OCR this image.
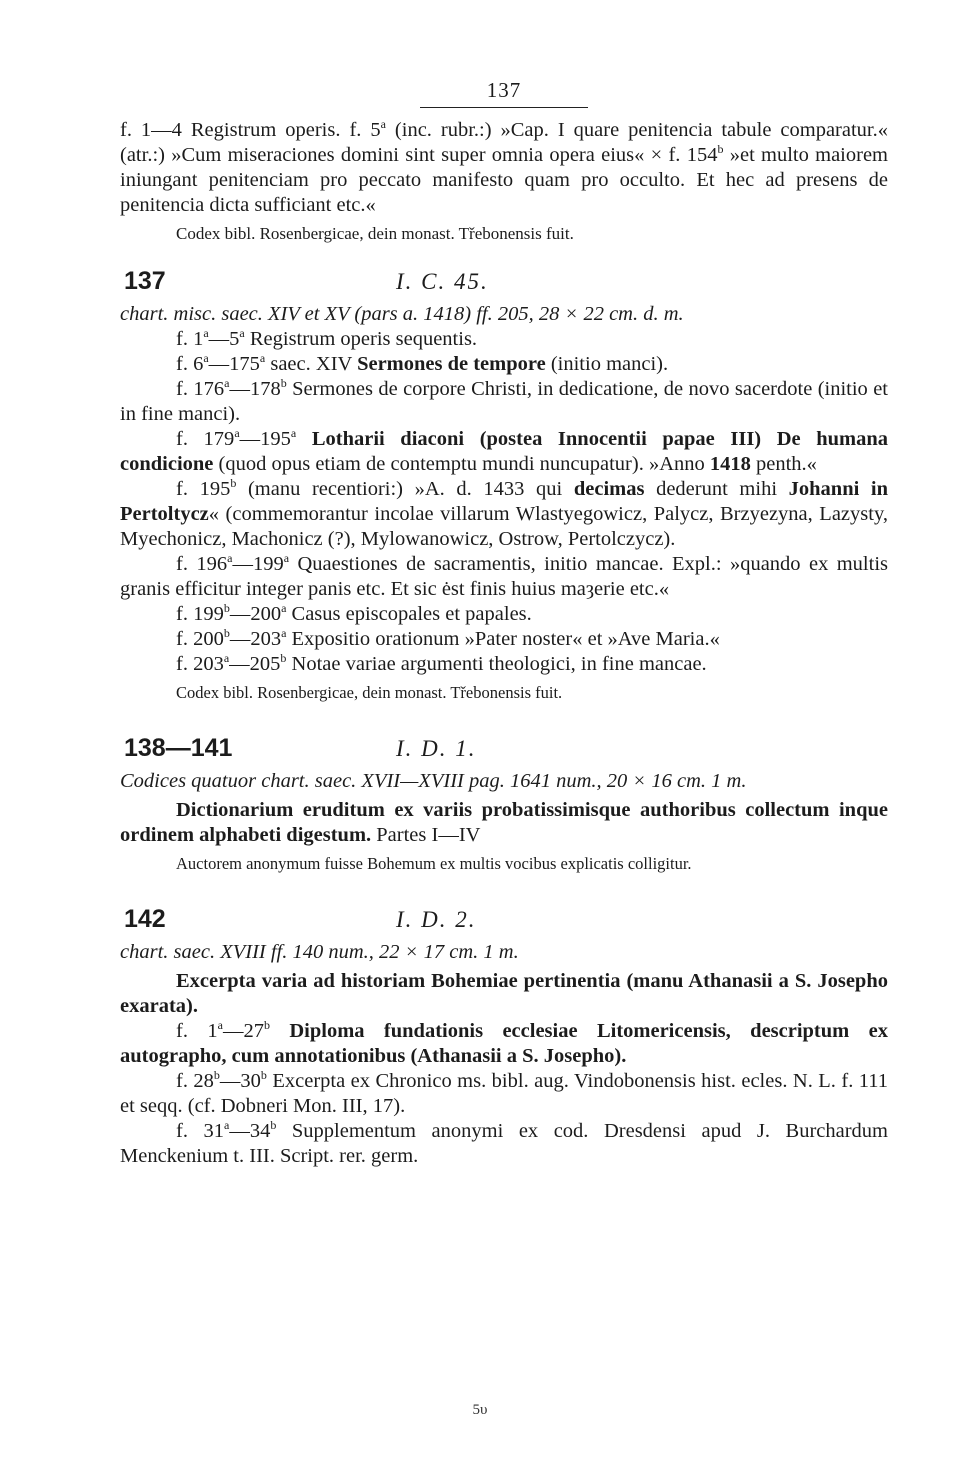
137

f. 1—4 Registrum operis. f. 5$^a$ (inc. rubr.:) »Cap. I quare penitencia tabule comparatur.« (atr.:) »Cum miseraciones domini sint super omnia opera eius« × f. 154$^b$ »et multo maiorem iniungant penitenciam pro peccato manifesto quam pro occulto. Et hec ad presens de penitencia dicta sufficiant etc.«

Codex bibl. Rosenbergicae, dein monast. Třebonensis fuit.
137	I. C. 45.
chart. misc. saec. XIV et XV (pars a. 1418) ff. 205, 28 × 22 cm. d. m.

f. 1$^a$—5$^a$ Registrum operis sequentis.

f. 6$^a$—175$^a$ saec. XIV Sermones de tempore (initio manci).

f. 176$^a$—178$^b$ Sermones de corpore Christi, in dedicatione, de novo sacerdote (initio et in fine manci).

f. 179$^a$—195$^a$ Lotharii diaconi (postea Innocentii papae III) De humana condicione (quod opus etiam de contemptu mundi nuncupatur). »Anno 1418 penth.«

f. 195$^b$ (manu recentiori:) »A. d. 1433 qui decimas dederunt mihi Johanni in Pertoltycz« (commemorantur incolae villarum Wlastyegowicz, Palycz, Brzyezyna, Lazysty, Myechonicz, Machonicz (?), Mylowanowicz, Ostrow, Pertolczycz).

f. 196$^a$—199$^a$ Quaestiones de sacramentis, initio mancae. Expl.: »quando ex multis granis efficitur integer panis etc. Et sic ėst finis huius maȝerie etc.«

f. 199$^b$—200$^a$ Casus episcopales et papales.

f. 200$^b$—203$^a$ Expositio orationum »Pater noster« et »Ave Maria.«

f. 203$^a$—205$^b$ Notae variae argumenti theologici, in fine mancae.

Codex bibl. Rosenbergicae, dein monast. Třebonensis fuit.
138—141	I. D. 1.
Codices quatuor chart. saec. XVII—XVIII pag. 1641 num., 20 × 16 cm. 1 m.

Dictionarium eruditum ex variis probatissimisque authoribus collectum inque ordinem alphabeti digestum. Partes I—IV

Auctorem anonymum fuisse Bohemum ex multis vocibus explicatis colligitur.
142	I. D. 2.
chart. saec. XVIII ff. 140 num., 22 × 17 cm. 1 m.

Excerpta varia ad historiam Bohemiae pertinentia (manu Athanasii a S. Josepho exarata).

f. 1$^a$—27$^b$ Diploma fundationis ecclesiae Litomericensis, descriptum ex autographo, cum annotationibus (Athanasii a S. Josepho).

f. 28$^b$—30$^b$ Excerpta ex Chronico ms. bibl. aug. Vindobonensis hist. ecles. N. L. f. 111 et seqq. (cf. Dobneri Mon. III, 17).

f. 31$^a$—34$^b$ Supplementum anonymi ex cod. Dresdensi apud J. Burchardum Menckenium t. III. Script. rer. germ.

5υ
